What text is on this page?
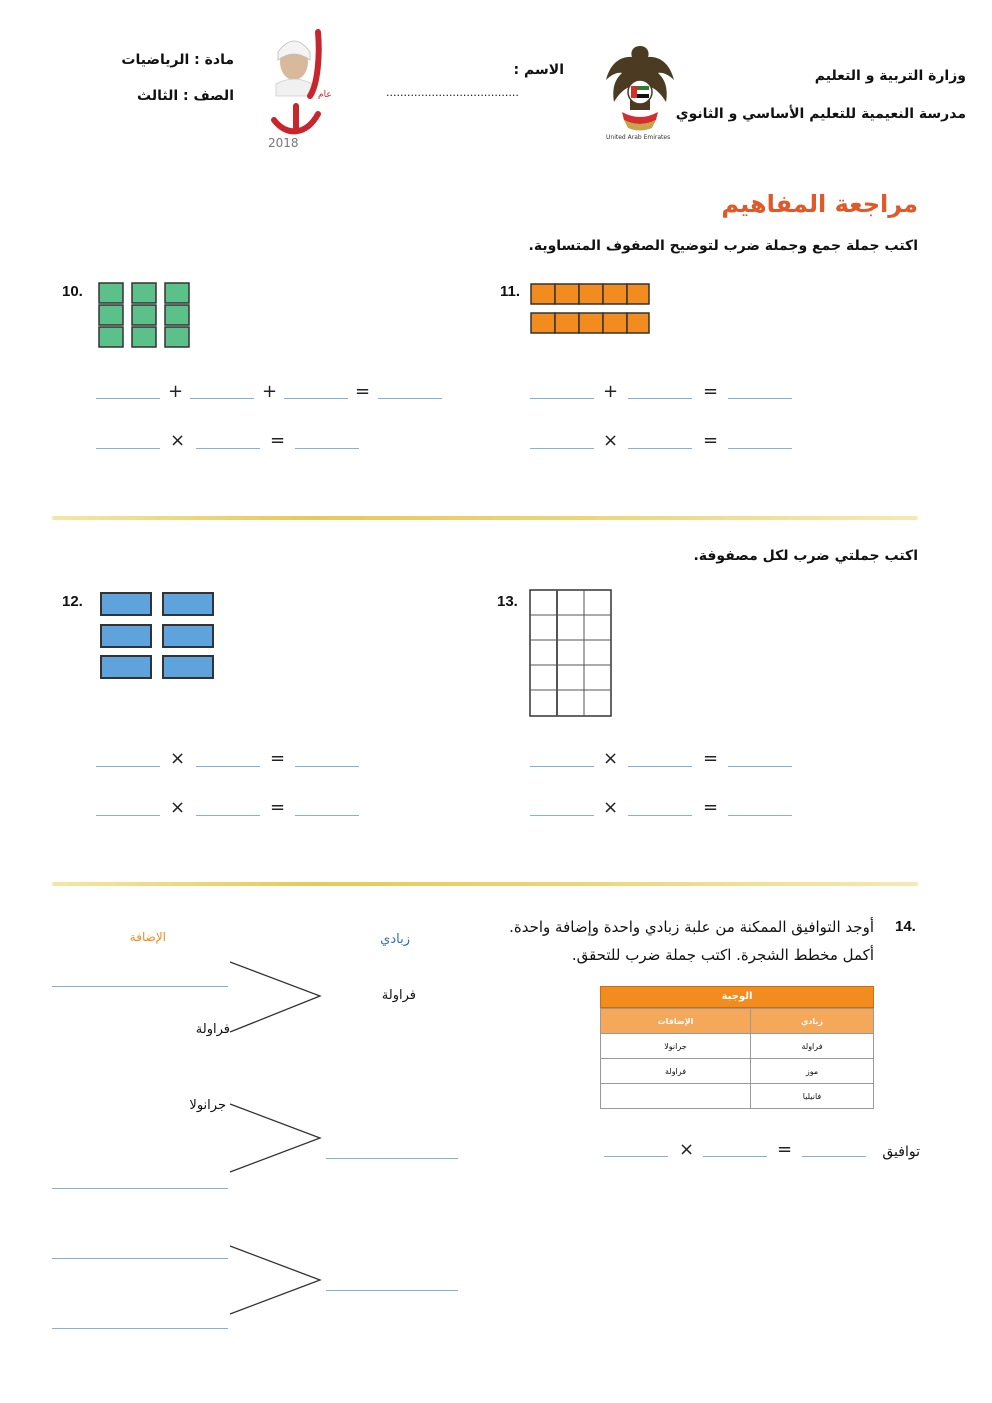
وزارة التربية و التعليم
مدرسة النعيمية للتعليم الأساسي و الثانوي
United Arab Emirates
الاسم :
......................................
عام
2018
مادة : الرياضيات
الصف : الثالث
مراجعة المفاهيم
اكتب جملة جمع وجملة ضرب لتوضيح الصفوف المتساوية.
10.
+	+	=
×	=
11.
+	=
×	=
اكتب جملتي ضرب لكل مصفوفة.
12.	13.
×	=
×	=
×	=
×	=
14.
أوجد التوافيق الممكنة من علبة زبادي واحدة وإضافة واحدة.
أكمل مخطط الشجرة. اكتب جملة ضرب للتحقق.
زبادي
الإضافة
فراولة
فراولة
جرانولا
الوجبة
زبادي	الإضافات
فراولة	جرانولا
موز	فراولة
فانيليا	
×	=	توافيق
